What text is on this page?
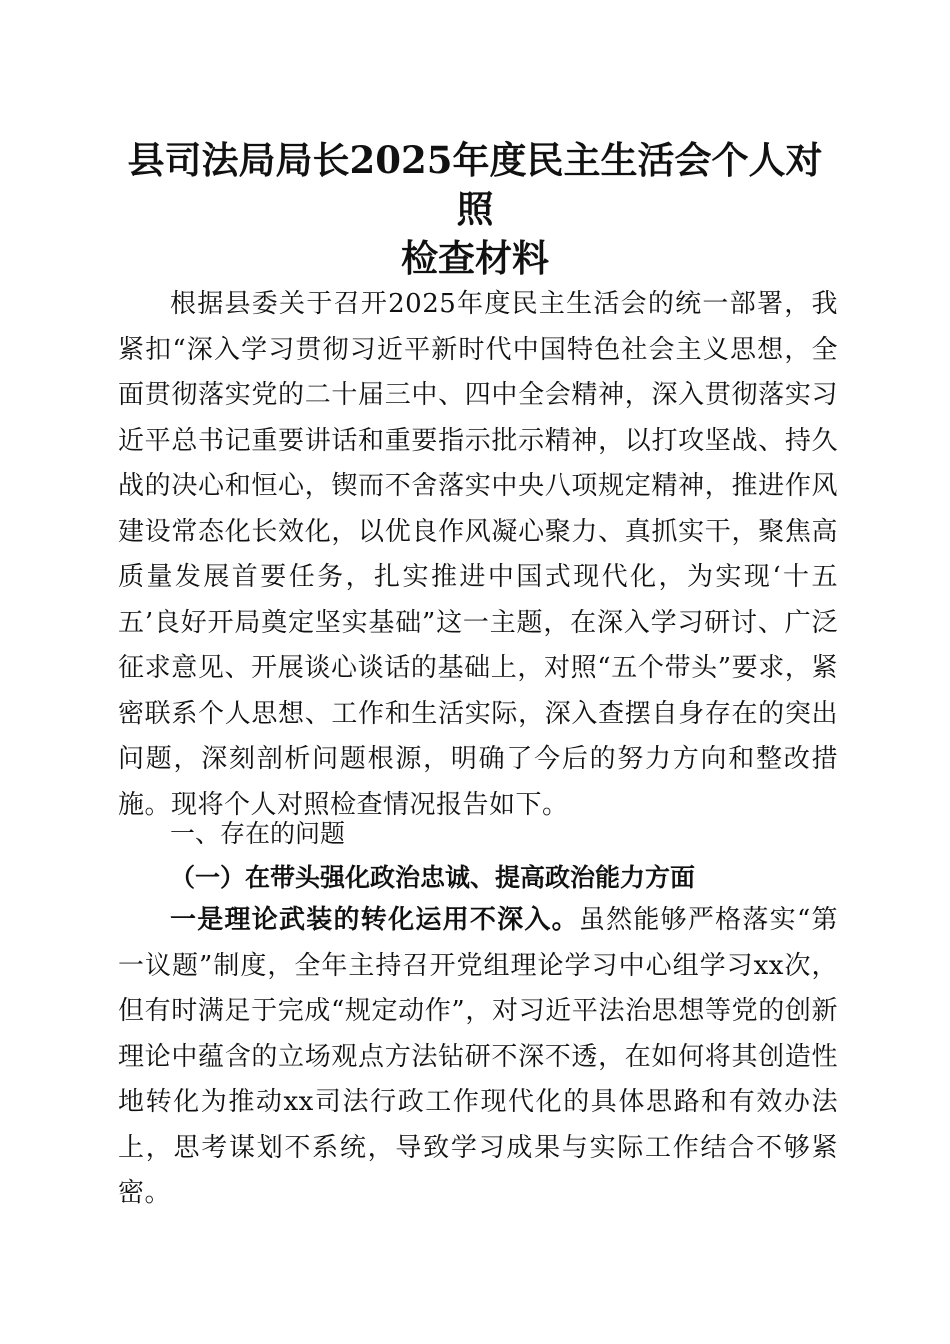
县司法局局长2025年度民主生活会个人对照
检查材料

根据县委关于召开2025年度民主生活会的统一部署，我紧扣“深入学习贯彻习近平新时代中国特色社会主义思想，全面贯彻落实党的二十届三中、四中全会精神，深入贯彻落实习近平总书记重要讲话和重要指示批示精神，以打攻坚战、持久战的决心和恒心，锲而不舍落实中央八项规定精神，推进作风建设常态化长效化，以优良作风凝心聚力、真抓实干，聚焦高质量发展首要任务，扎实推进中国式现代化，为实现‘十五五’良好开局奠定坚实基础”这一主题，在深入学习研讨、广泛征求意见、开展谈心谈话的基础上，对照“五个带头”要求，紧密联系个人思想、工作和生活实际，深入查摆自身存在的突出问题，深刻剖析问题根源，明确了今后的努力方向和整改措施。现将个人对照检查情况报告如下。

一、存在的问题
（一）在带头强化政治忠诚、提高政治能力方面

一是理论武装的转化运用不深入。虽然能够严格落实“第一议题”制度，全年主持召开党组理论学习中心组学习xx次，但有时满足于完成“规定动作”，对习近平法治思想等党的创新理论中蕴含的立场观点方法钻研不深不透，在如何将其创造性地转化为推动xx司法行政工作现代化的具体思路和有效办法上，思考谋划不系统，导致学习成果与实际工作结合不够紧密。
